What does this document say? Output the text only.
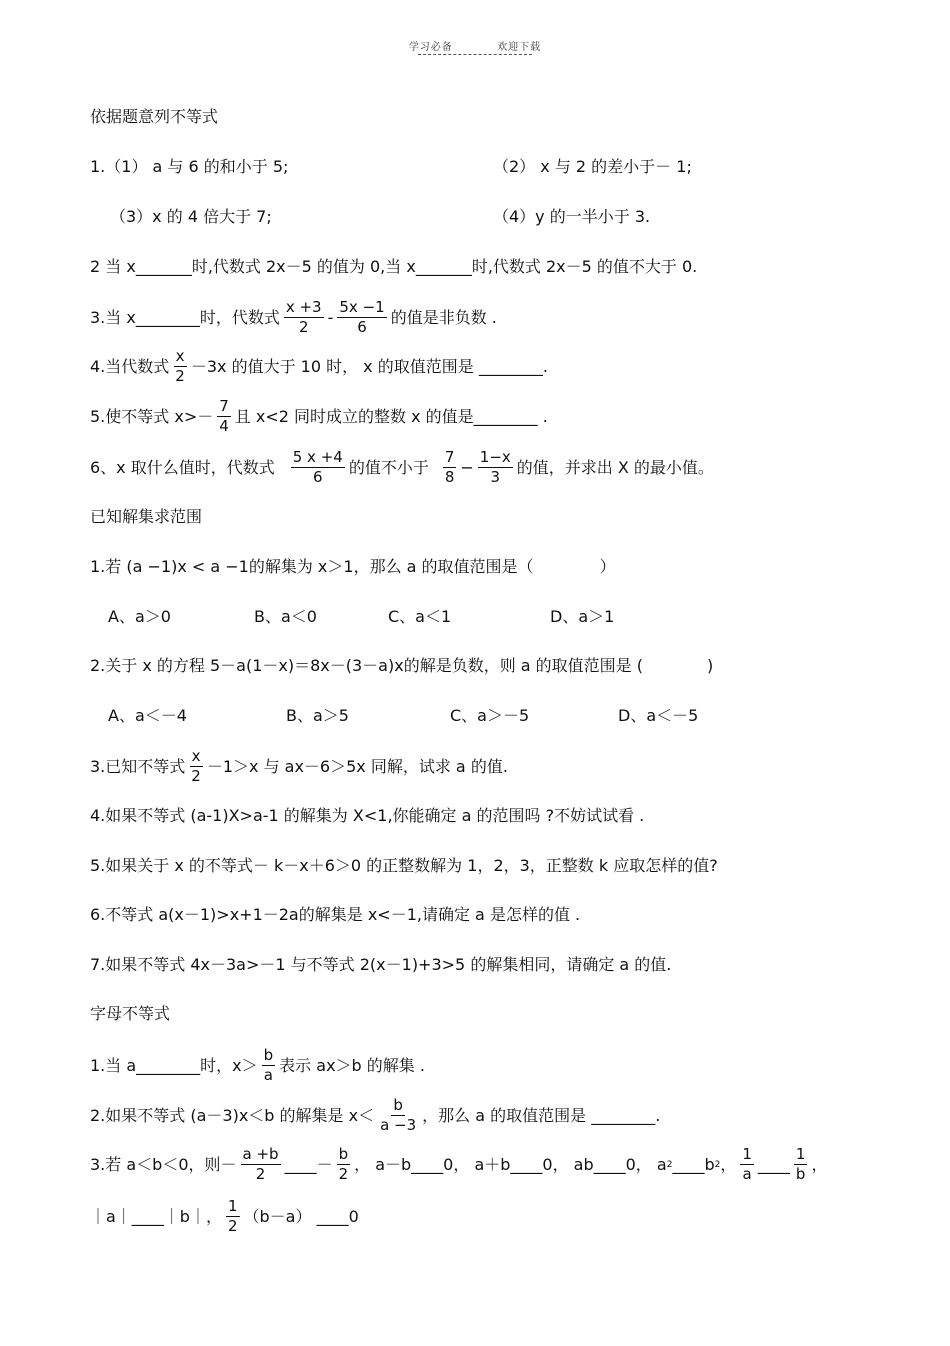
学习必备	欢迎下载
依据题意列不等式
1.（1） a 与 6 的和小于 5;	（2） x 与 2 的差小于－ 1;
（3）x 的 4 倍大于 7;	（4）y 的一半小于 3.
2 当 x_______时,代数式 2x－5 的值为 0,当 x_______时,代数式 2x－5 的值不大于 0.
3.当 x________时，代数式 $\frac{x +3}{2} - \frac{5x -1}{6}$ 的值是非负数 .
4.当代数式 $\frac{x}{2} -3x$ 的值大于 10 时， x 的取值范围是 ________.
5.使不等式 $x>- \frac{7}{4}$ 且 x<2 同时成立的整数 x 的值是________ .
6、x 取什么值时，代数式 $\frac{5 x +4}{6}$ 的值不小于 $\frac{7}{8} - \frac{1-x}{3}$ 的值，并求出 X 的最小值。
已知解集求范围
1.若 (a −1)x < a −1的解集为 x＞1，那么 a 的取值范围是（	）
A、a＞0	B、a＜0	C、a＜1	D、a＞1
2.关于 x 的方程 5－a(1－x)＝8x－(3－a)x的解是负数，则 a 的取值范围是 (	)
A、a＜－4	B、a＞5	C、a＞－5	D、a＜－5
3.已知不等式 $\frac{x}{2} -1>x$ 与 ax－6＞5x 同解，试求 a 的值.
4.如果不等式 (a-1)X>a-1 的解集为 X<1,你能确定 a 的范围吗 ?不妨试试看 .
5.如果关于 x 的不等式－ k－x＋6＞0 的正整数解为 1，2，3，正整数 k 应取怎样的值?
6.不等式 a(x－1)>x+1－2a的解集是 x<－1,请确定 a 是怎样的值 .
7.如果不等式 4x－3a>－1 与不等式 2(x－1)+3>5 的解集相同，请确定 a 的值.
字母不等式
1.当 a________时，$x> \frac{b}{a}$ 表示 ax＞b 的解集 .
2.如果不等式 (a－3)x＜b 的解集是 $x< \frac{b}{a -3}$ ，那么 a 的取值范围是 ________.
3.若 a＜b＜0，则－ $\frac{a +b}{2}$ ____－ $\frac{b}{2}$ ， a－b____0， a＋b____0， ab____0， a 2 ____b 2 ， $\frac{1}{a}$ ____ $\frac{1}{b}$ ，
｜a｜____｜b｜， $\frac{1}{2} (b-a)$ ____0
